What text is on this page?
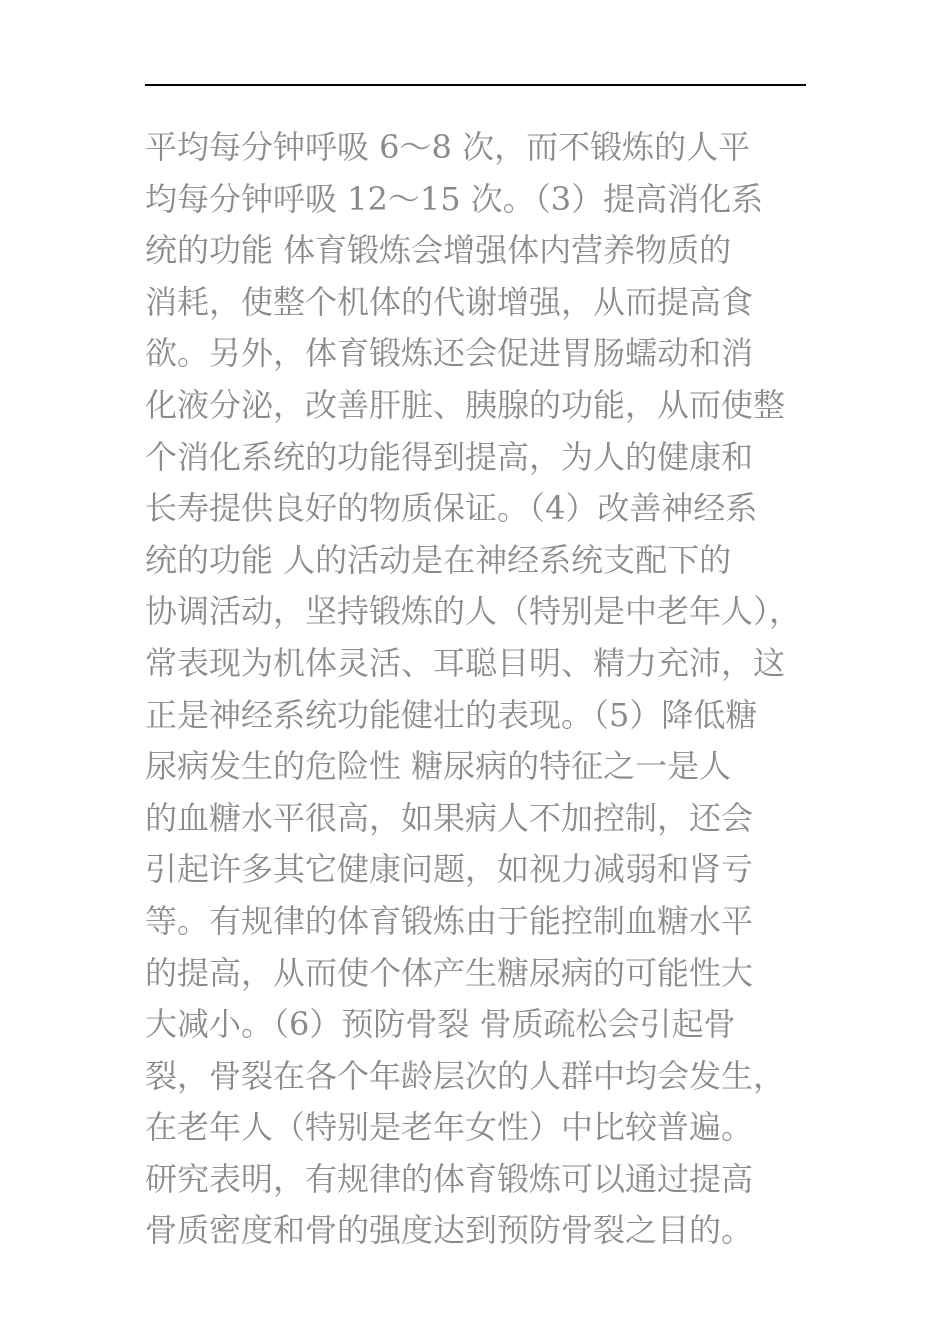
平均每分钟呼吸 6～8 次，而不锻炼的人平
均每分钟呼吸 12～15 次。（3）提高消化系
统的功能 体育锻炼会增强体内营养物质的
消耗，使整个机体的代谢增强，从而提高食
欲。另外，体育锻炼还会促进胃肠蠕动和消
化液分泌，改善肝脏、胰腺的功能，从而使整
个消化系统的功能得到提高，为人的健康和
长寿提供良好的物质保证。（4）改善神经系
统的功能 人的活动是在神经系统支配下的
协调活动，坚持锻炼的人（特别是中老年人），
常表现为机体灵活、耳聪目明、精力充沛，这
正是神经系统功能健壮的表现。（5）降低糖
尿病发生的危险性 糖尿病的特征之一是人
的血糖水平很高，如果病人不加控制，还会
引起许多其它健康问题，如视力减弱和肾亏
等。有规律的体育锻炼由于能控制血糖水平
的提高，从而使个体产生糖尿病的可能性大
大减小。（6）预防骨裂 骨质疏松会引起骨
裂，骨裂在各个年龄层次的人群中均会发生，
在老年人（特别是老年女性）中比较普遍。
研究表明，有规律的体育锻炼可以通过提高
骨质密度和骨的强度达到预防骨裂之目的。
